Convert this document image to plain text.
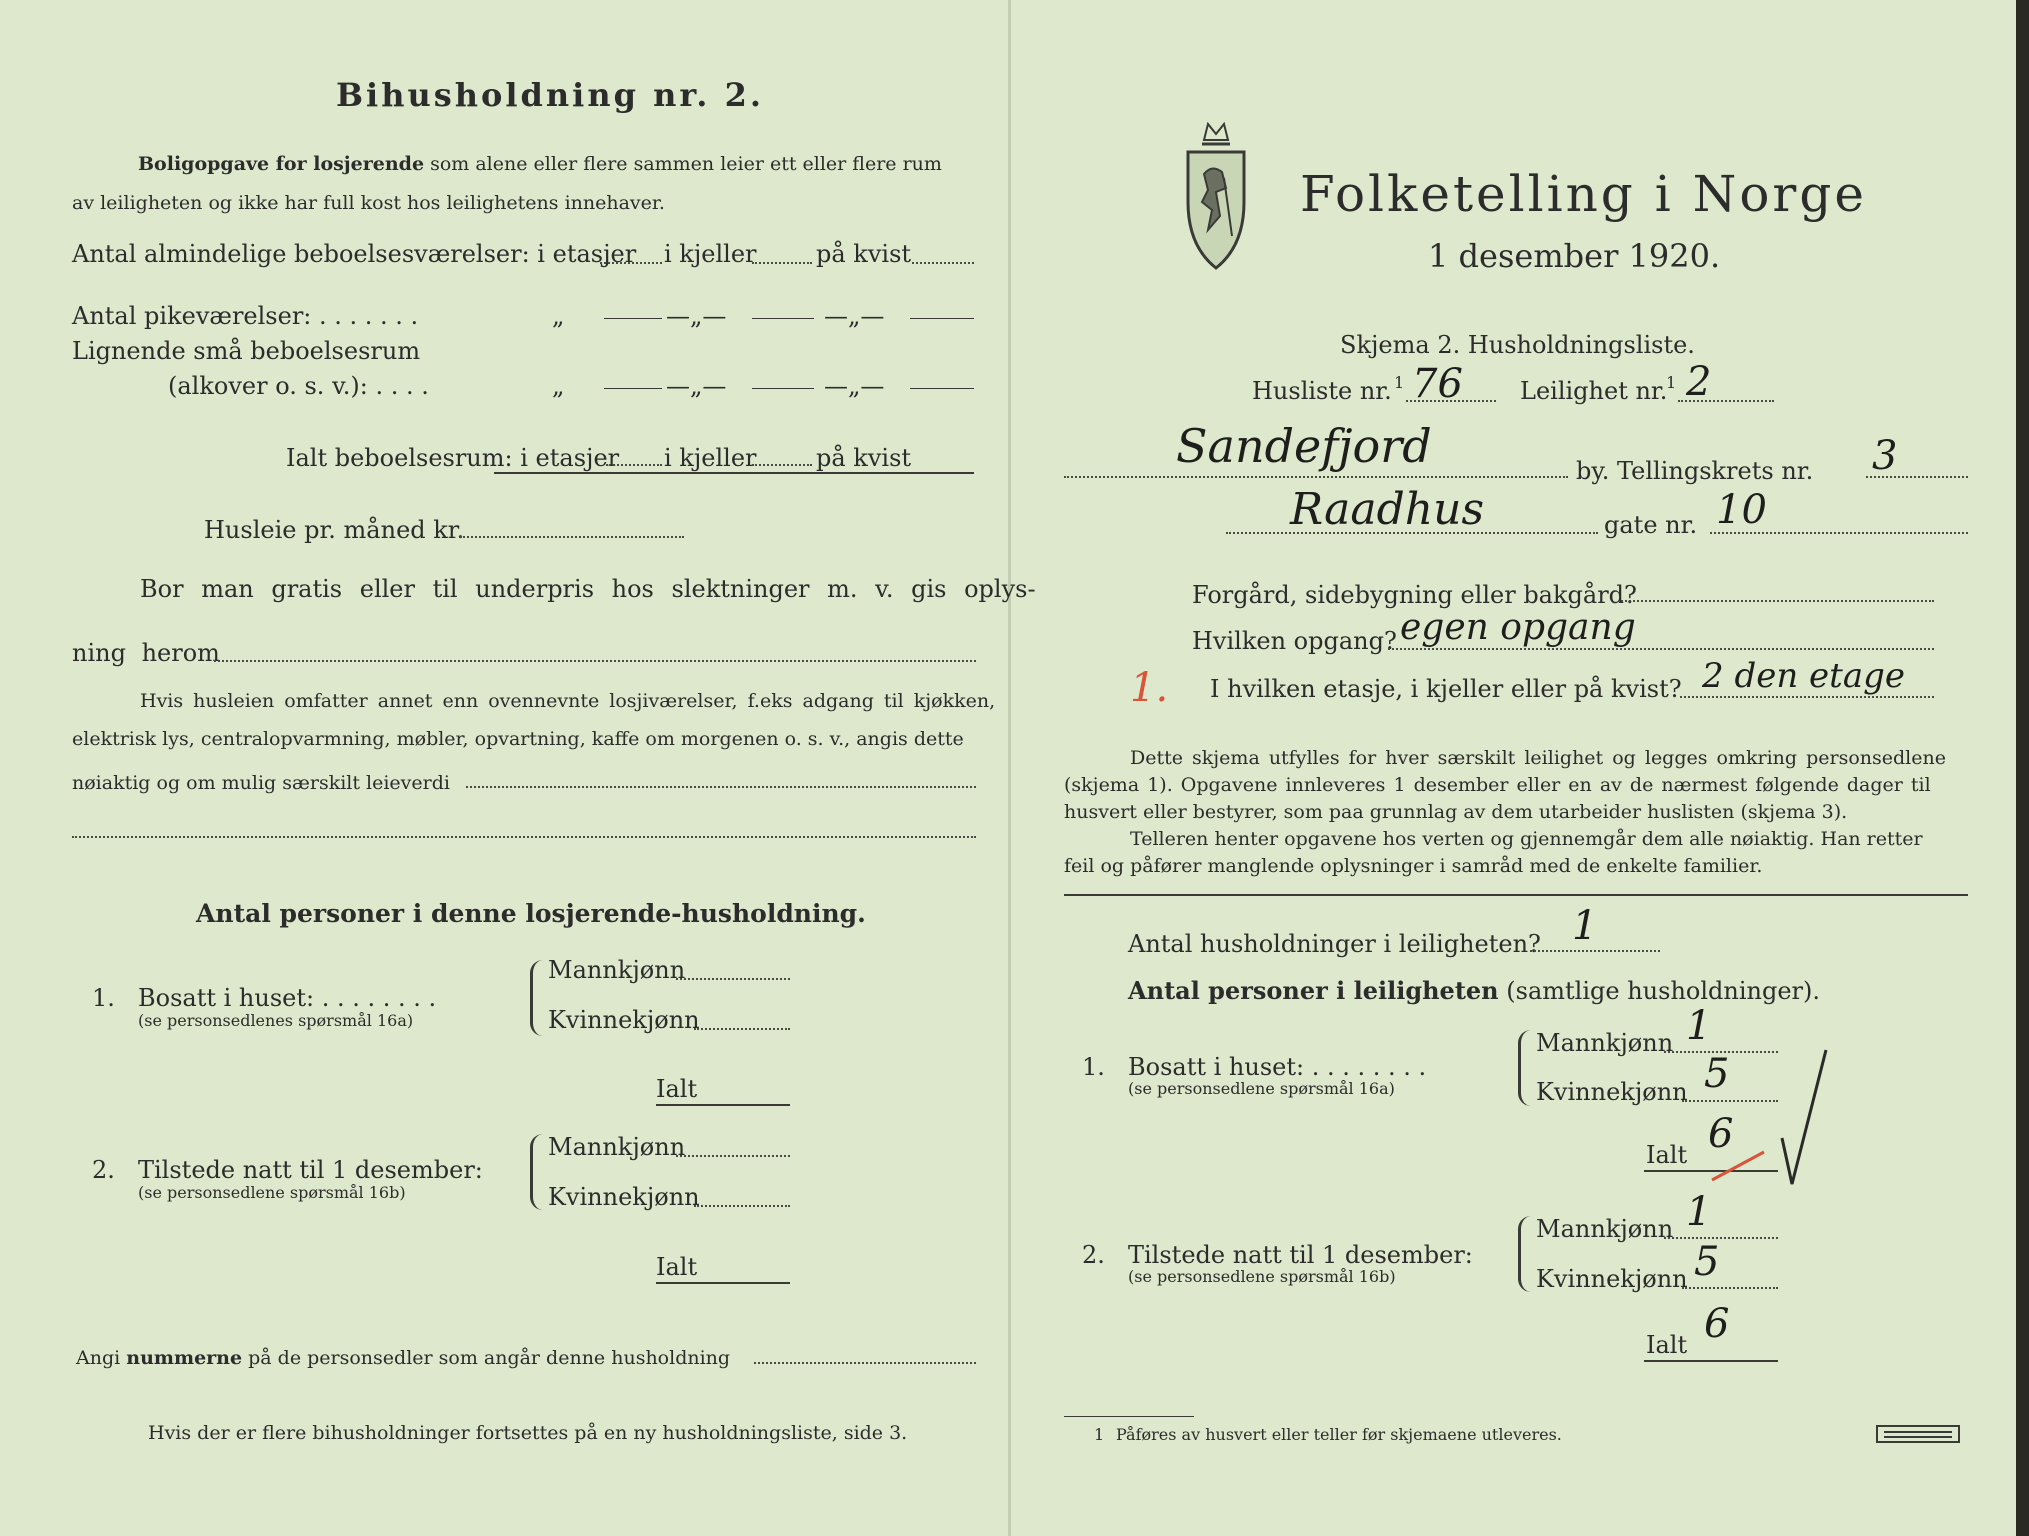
Bihusholdning nr. 2.
Boligopgave for losjerende som alene eller flere sammen leier ett eller flere rum
av leiligheten og ikke har full kost hos leilighetens innehaver.
Antal almindelige beboelsesværelser: i etasjer i kjeller på kvist
Antal pikeværelser: . . . . . . .	„	—„—	—„—
Lignende små beboelsesrum
(alkover o. s. v.): . . . .	„	—„—	—„—
Ialt beboelsesrum: i etasjer i kjeller på kvist
Husleie pr. måned kr.
Bor man gratis eller til underpris hos slektninger m. v. gis oplys-
ning herom
Hvis husleien omfatter annet enn ovennevnte losjiværelser, f.eks adgang til kjøkken,
elektrisk lys, centralopvarmning, møbler, opvartning, kaffe om morgenen o. s. v., angis dette
nøiaktig og om mulig særskilt leieverdi
Antal personer i denne losjerende-husholdning.
1. Bosatt i huset: . . . . . . . .
(se personsedlenes spørsmål 16a)
Mannkjønn
Kvinnekjønn
Ialt
2. Tilstede natt til 1 desember:
(se personsedlene spørsmål 16b)
Mannkjønn
Kvinnekjønn
Ialt
Angi nummerne på de personsedler som angår denne husholdning
Hvis der er flere bihusholdninger fortsettes på en ny husholdningsliste, side 3.
Folketelling i Norge
1 desember 1920.
Skjema 2. Husholdningsliste.
Husliste nr. 1 76 Leilighet nr.
1 2
Sandefjord	by. Tellingskrets nr. 3
Raadhus	gate nr. 10
Forgård, sidebygning eller bakgård?
Hvilken opgang? egen opgang
1. I hvilken etasje, i kjeller eller på kvist? 2 den etage
Dette skjema utfylles for hver særskilt leilighet og legges omkring personsedlene
(skjema 1). Opgavene innleveres 1 desember eller en av de nærmest følgende dager til
husvert eller bestyrer, som paa grunnlag av dem utarbeider huslisten (skjema 3).
Telleren henter opgavene hos verten og gjennemgår dem alle nøiaktig. Han retter
feil og påfører manglende oplysninger i samråd med de enkelte familier.
Antal husholdninger i leiligheten? 1
Antal personer i leiligheten (samtlige husholdninger).
1. Bosatt i huset: . . . . . . . .
(se personsedlene spørsmål 16a)
Mannkjønn 1
Kvinnekjønn 5
Ialt 6
2. Tilstede natt til 1 desember:
(se personsedlene spørsmål 16b)
Mannkjønn 1
Kvinnekjønn 5
Ialt 6
1 Påføres av husvert eller teller før skjemaene utleveres.
